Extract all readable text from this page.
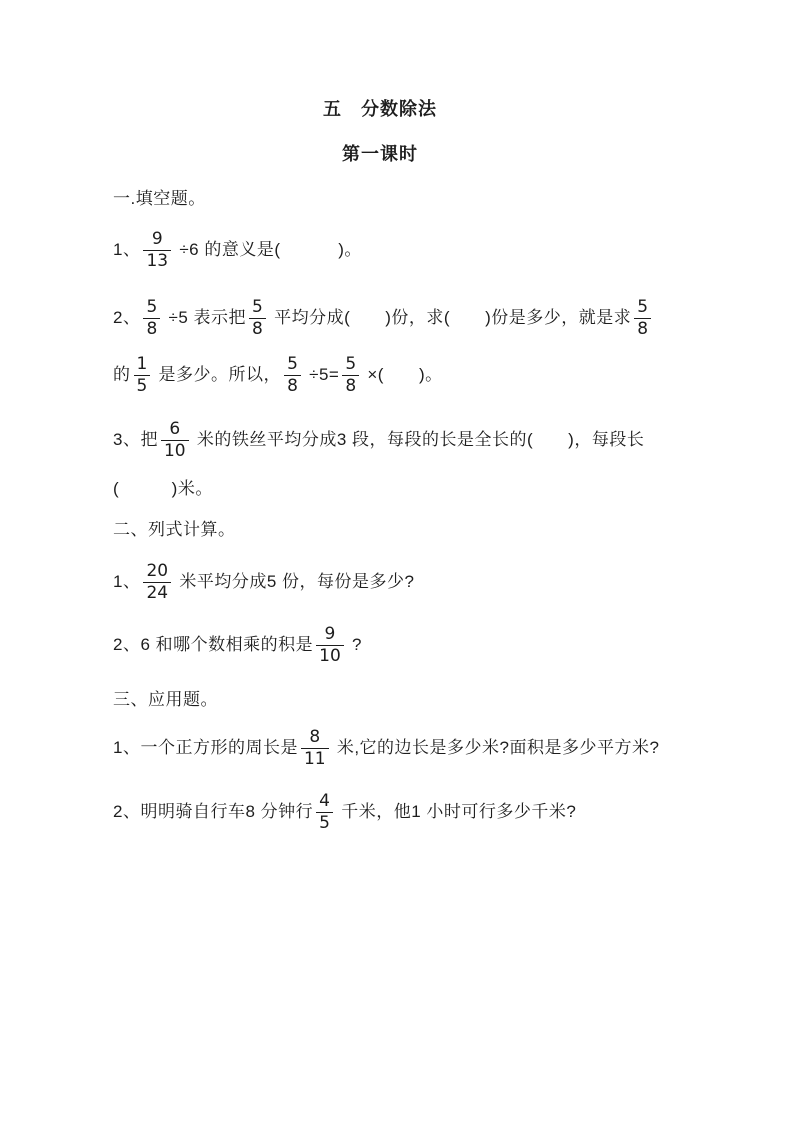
五　分数除法
第一课时
一.填空题。
1、 $\frac{9}{13} \div 6$ 的意义是(　　　 )。
2、 $\frac{5}{8} \div 5$ 表示把 $\frac{5}{8}$ 平均分成(　　)份，求(　　)份是多少，就是求 $\frac{5}{8}$
的 $\frac{1}{5}$ 是多少。所以， $\frac{5}{8} \div 5= \frac{5}{8}$ ×(　　)。
3、把 $\frac{6}{10}$ 米的铁丝平均分成3 段，每段的长是全长的(　　)，每段长
(　　　)米。
二、列式计算。
1、 $\frac{20}{24}$ 米平均分成5 份，每份是多少?
2、6 和哪个数相乘的积是 $\frac{9}{10}$ ?
三、应用题。
1、一个正方形的周长是 $\frac{8}{11}$ 米,它的边长是多少米?面积是多少平方米?
2、明明骑自行车8 分钟行 $\frac{4}{5}$ 千米，他1 小时可行多少千米?
